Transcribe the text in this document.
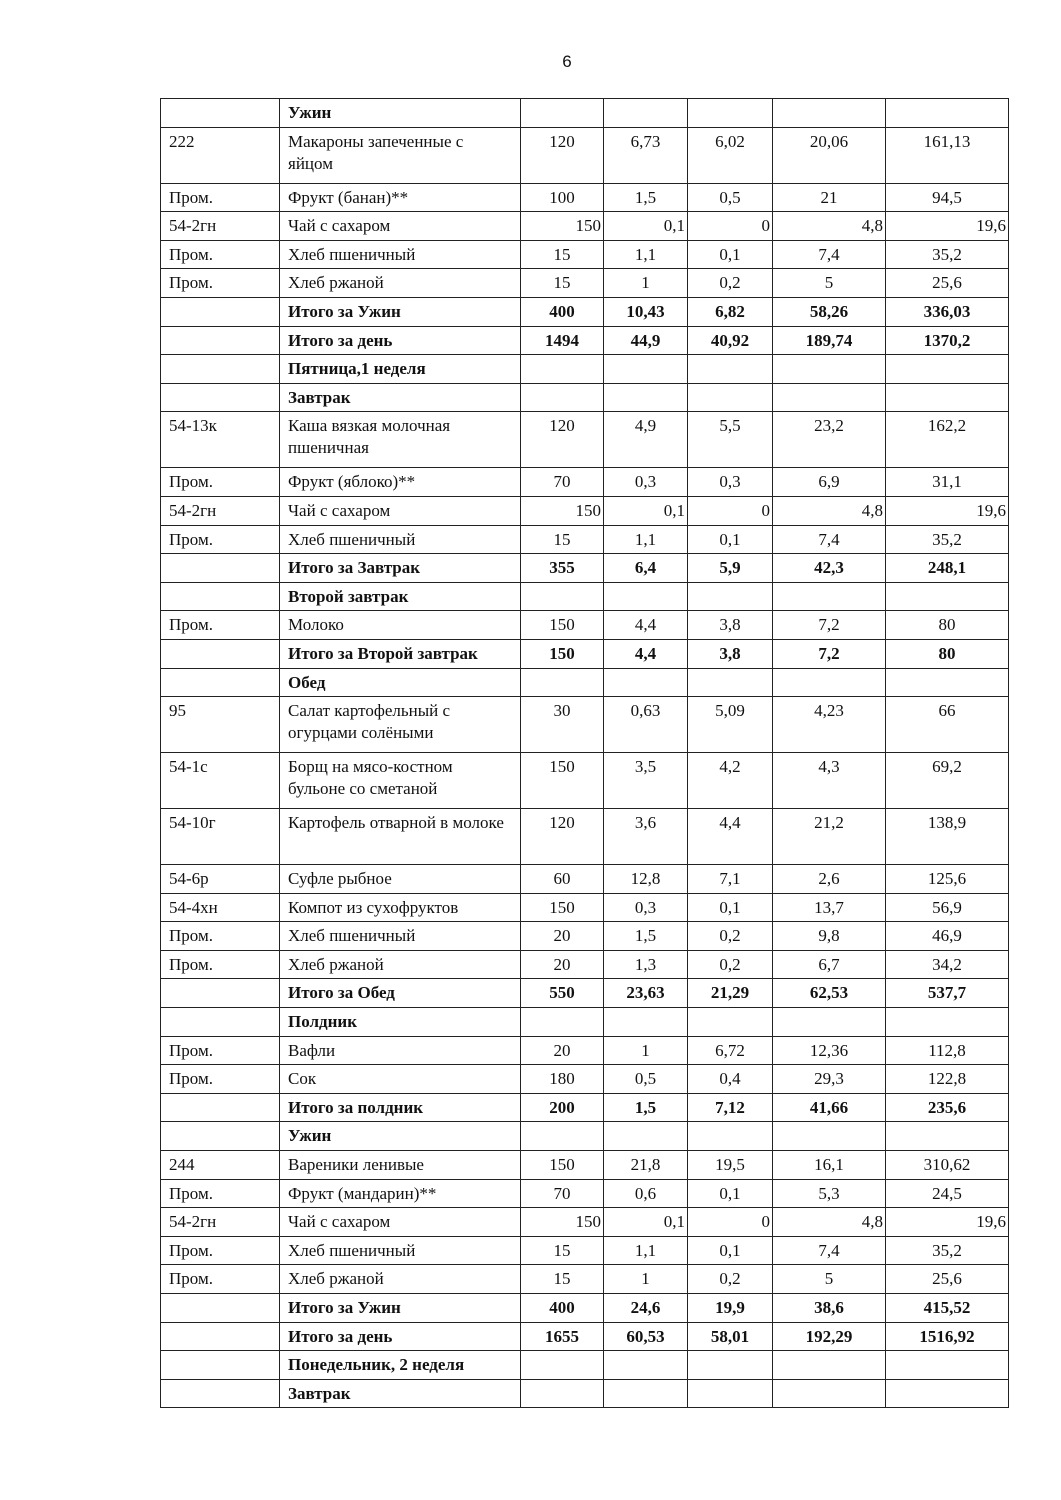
6
	Ужин					
222	Макароны запеченные с яйцом	120	6,73	6,02	20,06	161,13
Пром.	Фрукт (банан)**	100	1,5	0,5	21	94,5
54-2гн	Чай с сахаром	150	0,1	0	4,8	19,6
Пром.	Хлеб пшеничный	15	1,1	0,1	7,4	35,2
Пром.	Хлеб ржаной	15	1	0,2	5	25,6
	Итого за Ужин	400	10,43	6,82	58,26	336,03
	Итого за день	1494	44,9	40,92	189,74	1370,2
	Пятница,1 неделя					
	Завтрак					
54-13к	Каша вязкая молочная пшеничная	120	4,9	5,5	23,2	162,2
Пром.	Фрукт (яблоко)**	70	0,3	0,3	6,9	31,1
54-2гн	Чай с сахаром	150	0,1	0	4,8	19,6
Пром.	Хлеб пшеничный	15	1,1	0,1	7,4	35,2
	Итого за Завтрак	355	6,4	5,9	42,3	248,1
	Второй завтрак					
Пром.	Молоко	150	4,4	3,8	7,2	80
	Итого за Второй завтрак	150	4,4	3,8	7,2	80
	Обед					
95	Салат картофельный с огурцами солёными	30	0,63	5,09	4,23	66
54-1с	Борщ на мясо-костном бульоне со сметаной	150	3,5	4,2	4,3	69,2
54-10г	Картофель отварной в молоке	120	3,6	4,4	21,2	138,9
54-6р	Суфле рыбное	60	12,8	7,1	2,6	125,6
54-4хн	Компот из сухофруктов	150	0,3	0,1	13,7	56,9
Пром.	Хлеб пшеничный	20	1,5	0,2	9,8	46,9
Пром.	Хлеб ржаной	20	1,3	0,2	6,7	34,2
	Итого за Обед	550	23,63	21,29	62,53	537,7
	Полдник					
Пром.	Вафли	20	1	6,72	12,36	112,8
Пром.	Сок	180	0,5	0,4	29,3	122,8
	Итого за полдник	200	1,5	7,12	41,66	235,6
	Ужин					
244	Вареники ленивые	150	21,8	19,5	16,1	310,62
Пром.	Фрукт (мандарин)**	70	0,6	0,1	5,3	24,5
54-2гн	Чай с сахаром	150	0,1	0	4,8	19,6
Пром.	Хлеб пшеничный	15	1,1	0,1	7,4	35,2
Пром.	Хлеб ржаной	15	1	0,2	5	25,6
	Итого за Ужин	400	24,6	19,9	38,6	415,52
	Итого за день	1655	60,53	58,01	192,29	1516,92
	Понедельник, 2 неделя					
	Завтрак					
